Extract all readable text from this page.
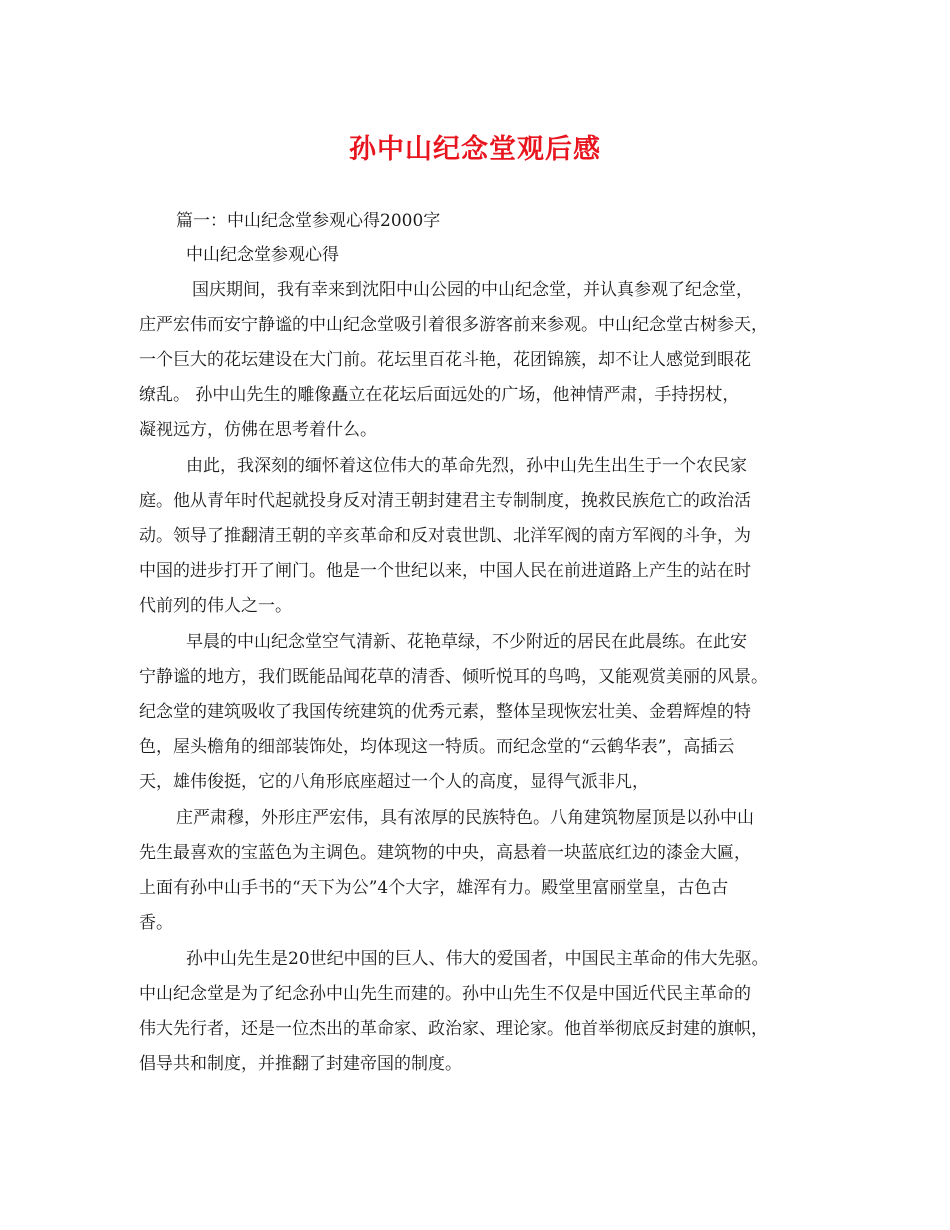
孙中山纪念堂观后感
篇一：中山纪念堂参观心得2000字
中山纪念堂参观心得
国庆期间，我有幸来到沈阳中山公园的中山纪念堂，并认真参观了纪念堂，
庄严宏伟而安宁静谧的中山纪念堂吸引着很多游客前来参观。中山纪念堂古树参天，
一个巨大的花坛建设在大门前。花坛里百花斗艳，花团锦簇，却不让人感觉到眼花
缭乱。 孙中山先生的雕像矗立在花坛后面远处的广场，他神情严肃，手持拐杖，
凝视远方，仿佛在思考着什么。
由此，我深刻的缅怀着这位伟大的革命先烈，孙中山先生出生于一个农民家
庭。他从青年时代起就投身反对清王朝封建君主专制制度，挽救民族危亡的政治活
动。领导了推翻清王朝的辛亥革命和反对袁世凯、北洋军阀的南方军阀的斗争，为
中国的进步打开了闸门。他是一个世纪以来，中国人民在前进道路上产生的站在时
代前列的伟人之一。
早晨的中山纪念堂空气清新、花艳草绿，不少附近的居民在此晨练。在此安
宁静谧的地方，我们既能品闻花草的清香、倾听悦耳的鸟鸣，又能观赏美丽的风景。
纪念堂的建筑吸收了我国传统建筑的优秀元素，整体呈现恢宏壮美、金碧辉煌的特
色，屋头檐角的细部装饰处，均体现这一特质。而纪念堂的“云鹤华表”，高插云
天，雄伟俊挺，它的八角形底座超过一个人的高度，显得气派非凡，
庄严肃穆，外形庄严宏伟，具有浓厚的民族特色。八角建筑物屋顶是以孙中山
先生最喜欢的宝蓝色为主调色。建筑物的中央，高悬着一块蓝底红边的漆金大匾，
上面有孙中山手书的“天下为公”4个大字，雄浑有力。殿堂里富丽堂皇，古色古
香。
孙中山先生是20世纪中国的巨人、伟大的爱国者，中国民主革命的伟大先驱。
中山纪念堂是为了纪念孙中山先生而建的。孙中山先生不仅是中国近代民主革命的
伟大先行者，还是一位杰出的革命家、政治家、理论家。他首举彻底反封建的旗帜，
倡导共和制度，并推翻了封建帝国的制度。
